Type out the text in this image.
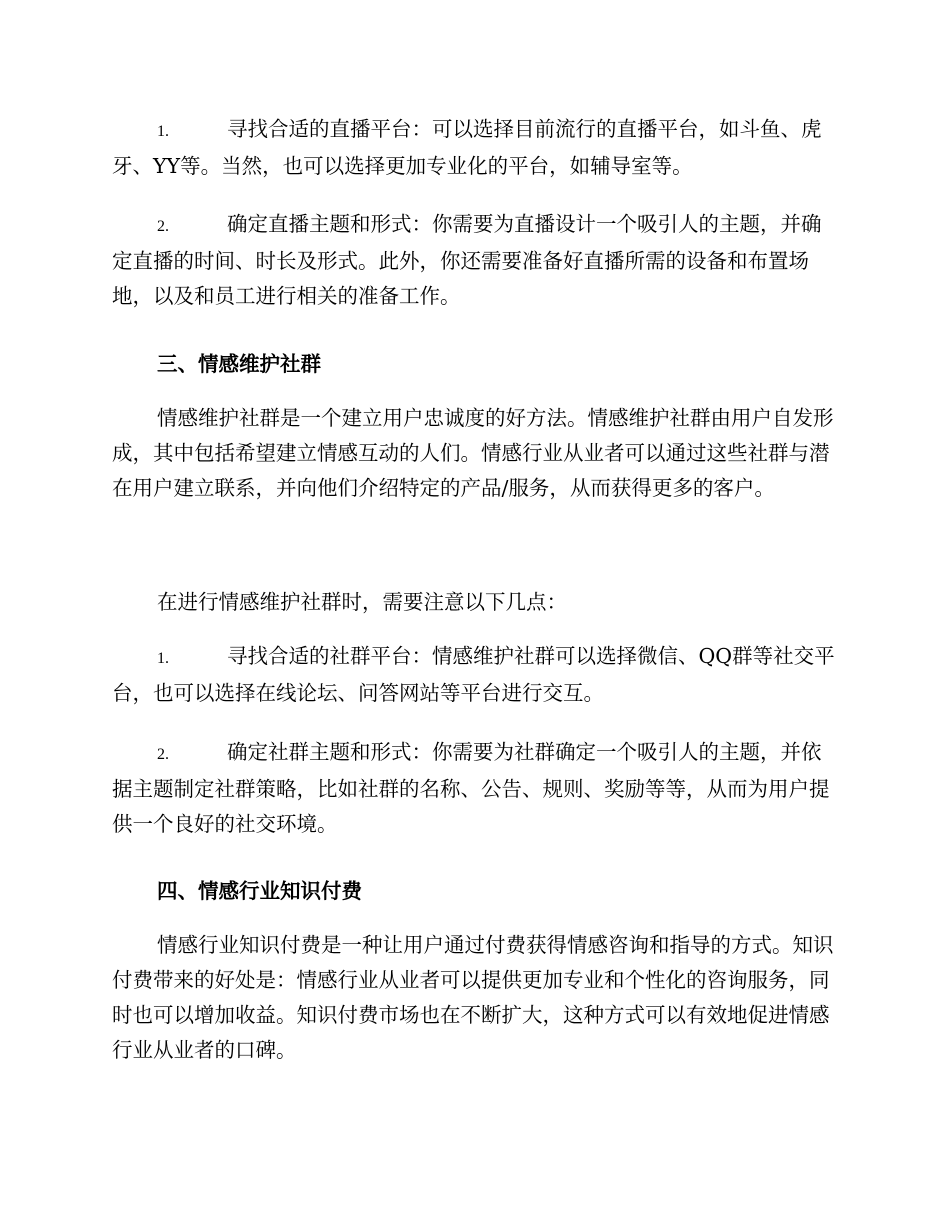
1.	寻找合适的直播平台：可以选择目前流行的直播平台，如斗鱼、虎牙、YY等。当然，也可以选择更加专业化的平台，如辅导室等。

2.	确定直播主题和形式：你需要为直播设计一个吸引人的主题，并确定直播的时间、时长及形式。此外，你还需要准备好直播所需的设备和布置场地，以及和员工进行相关的准备工作。

三、情感维护社群

情感维护社群是一个建立用户忠诚度的好方法。情感维护社群由用户自发形成，其中包括希望建立情感互动的人们。情感行业从业者可以通过这些社群与潜在用户建立联系，并向他们介绍特定的产品/服务，从而获得更多的客户。

在进行情感维护社群时，需要注意以下几点：

1.	寻找合适的社群平台：情感维护社群可以选择微信、QQ群等社交平台，也可以选择在线论坛、问答网站等平台进行交互。

2.	确定社群主题和形式：你需要为社群确定一个吸引人的主题，并依据主题制定社群策略，比如社群的名称、公告、规则、奖励等等，从而为用户提供一个良好的社交环境。

四、情感行业知识付费

情感行业知识付费是一种让用户通过付费获得情感咨询和指导的方式。知识付费带来的好处是：情感行业从业者可以提供更加专业和个性化的咨询服务，同时也可以增加收益。知识付费市场也在不断扩大，这种方式可以有效地促进情感行业从业者的口碑。
